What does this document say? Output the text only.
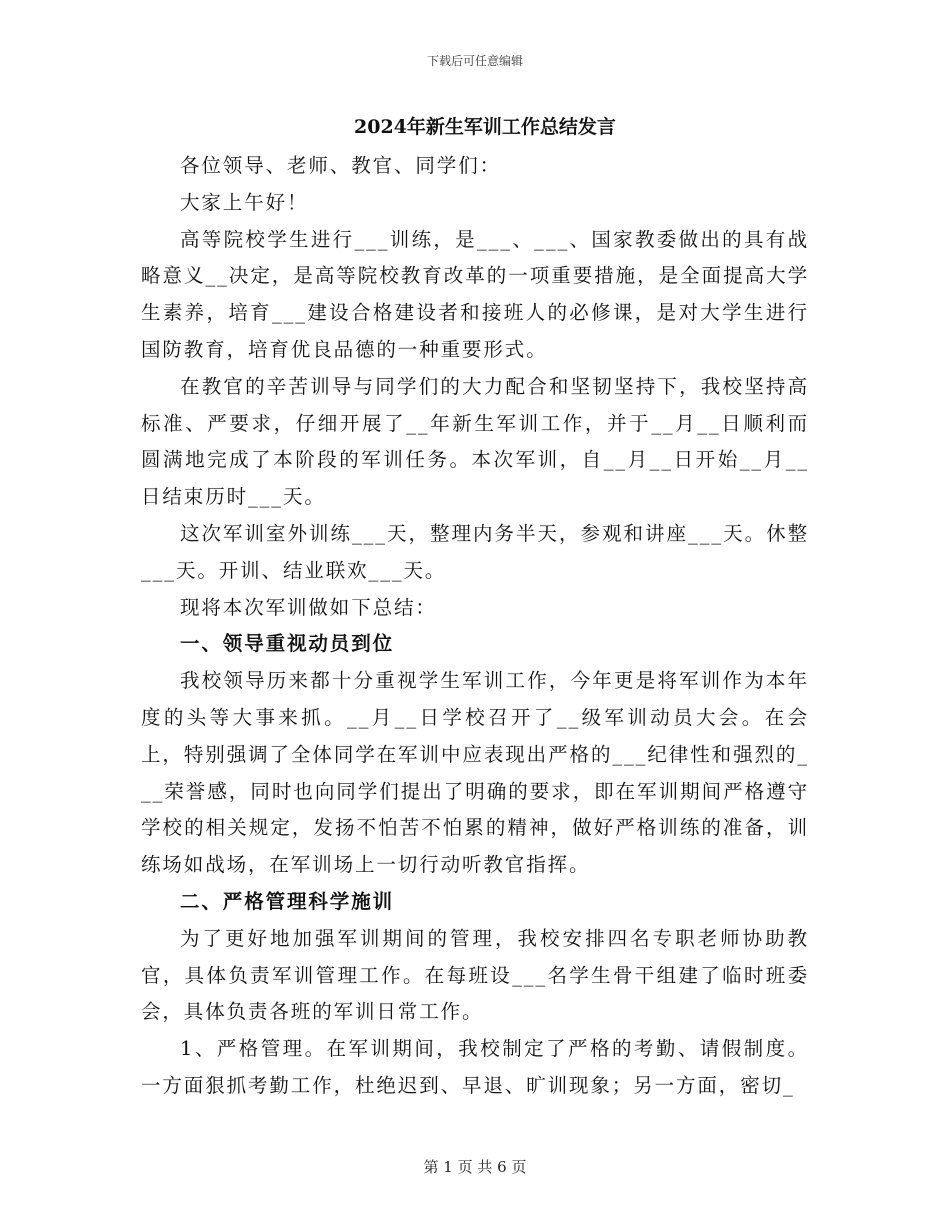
下载后可任意编辑
2024年新生军训工作总结发言

各位领导、老师、教官、同学们：

大家上午好！

高等院校学生进行___训练，是___、___、国家教委做出的具有战略意义__决定，是高等院校教育改革的一项重要措施，是全面提高大学生素养，培育___建设合格建设者和接班人的必修课，是对大学生进行国防教育，培育优良品德的一种重要形式。

在教官的辛苦训导与同学们的大力配合和坚韧坚持下，我校坚持高标准、严要求，仔细开展了__年新生军训工作，并于__月__日顺利而圆满地完成了本阶段的军训任务。本次军训，自__月__日开始__月__日结束历时___天。

这次军训室外训练___天，整理内务半天，参观和讲座___天。休整___天。开训、结业联欢___天。

现将本次军训做如下总结：

一、领导重视动员到位

我校领导历来都十分重视学生军训工作，今年更是将军训作为本年度的头等大事来抓。__月__日学校召开了__级军训动员大会。在会上，特别强调了全体同学在军训中应表现出严格的___纪律性和强烈的___荣誉感，同时也向同学们提出了明确的要求，即在军训期间严格遵守学校的相关规定，发扬不怕苦不怕累的精神，做好严格训练的准备，训练场如战场，在军训场上一切行动听教官指挥。

二、严格管理科学施训

为了更好地加强军训期间的管理，我校安排四名专职老师协助教官，具体负责军训管理工作。在每班设___名学生骨干组建了临时班委会，具体负责各班的军训日常工作。

1、严格管理。在军训期间，我校制定了严格的考勤、请假制度。一方面狠抓考勤工作，杜绝迟到、早退、旷训现象；另一方面，密切_

第 1 页 共 6 页
